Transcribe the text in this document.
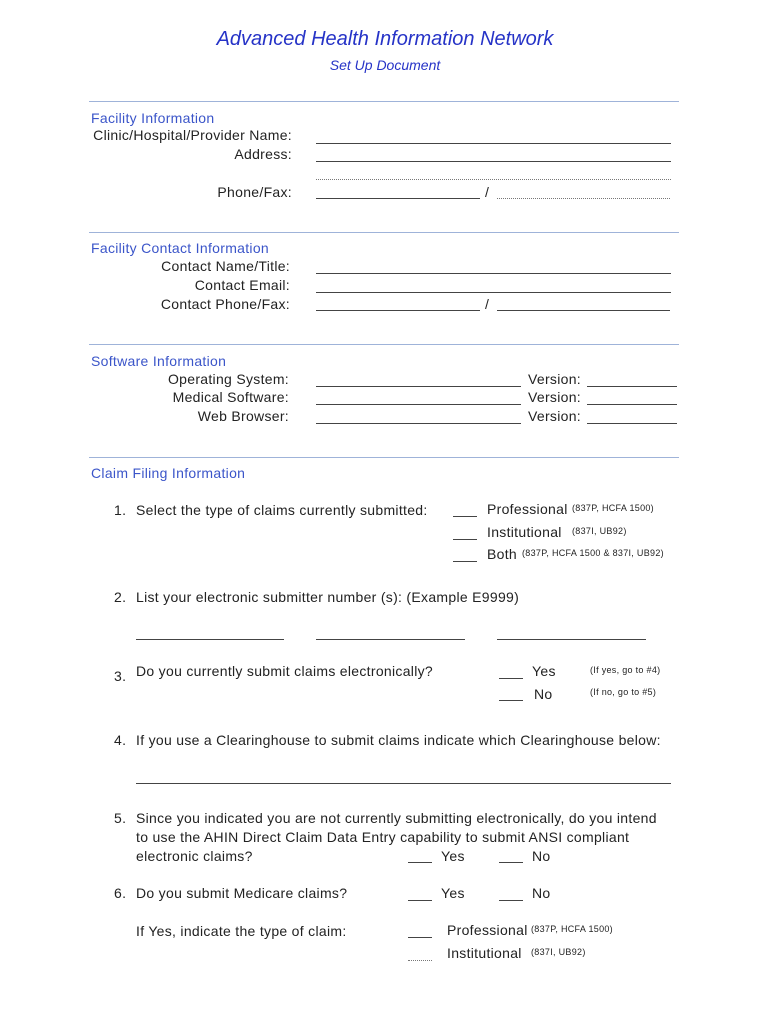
Advanced Health Information Network
Set Up Document
Facility Information
Clinic/Hospital/Provider Name:
Address:
Phone/Fax:	/
Facility Contact Information
Contact Name/Title:
Contact Email:
Contact Phone/Fax:	/
Software Information
Operating System:	Version:
Medical Software:	Version:
Web Browser:	Version:
Claim Filing Information
1. Select the type of claims currently submitted:	Professional (837P, HCFA 1500)
Institutional (837I, UB92)
Both (837P, HCFA 1500 & 837I, UB92)
2. List your electronic submitter number (s): (Example E9999)
3. Do you currently submit claims electronically?	Yes	(If yes, go to #4)
No	(If no, go to #5)
4. If you use a Clearinghouse to submit claims indicate which Clearinghouse below:
5. Since you indicated you are not currently submitting electronically, do you intend
to use the AHIN Direct Claim Data Entry capability to submit ANSI compliant
electronic claims?	Yes	No
6. Do you submit Medicare claims?	Yes	No
If Yes, indicate the type of claim:	Professional (837P, HCFA 1500)
Institutional (837I, UB92)
